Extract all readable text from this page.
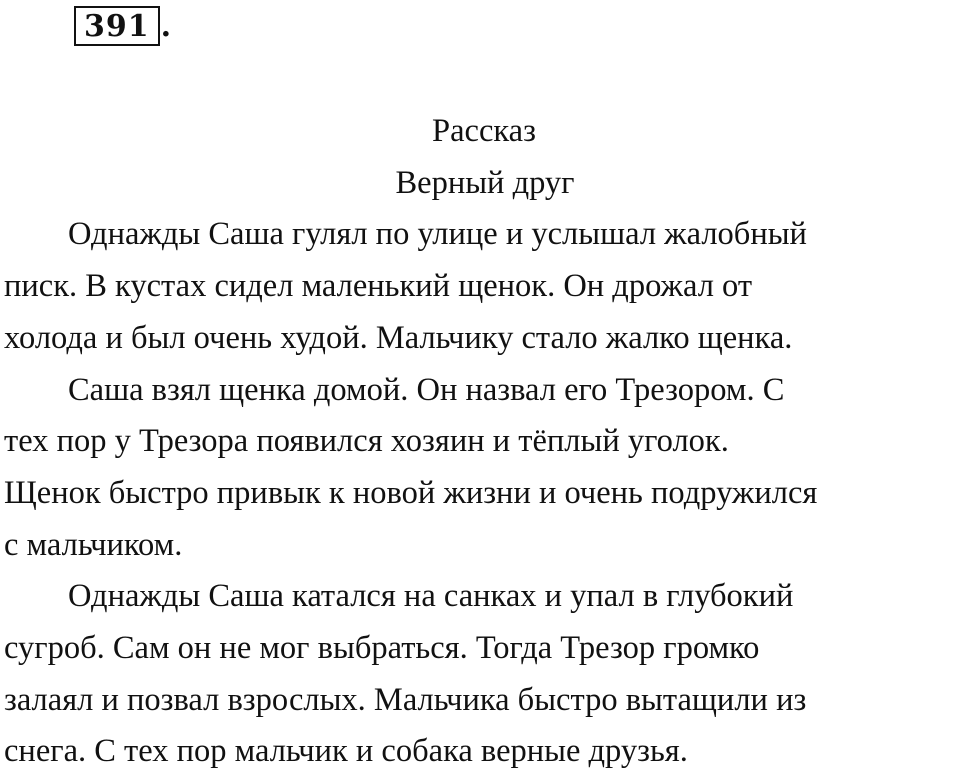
391 .
Рассказ
Верный друг
Однажды Саша гулял по улице и услышал жалобный
писк. В кустах сидел маленький щенок. Он дрожал от
холода и был очень худой. Мальчику стало жалко щенка.
Саша взял щенка домой. Он назвал его Трезором. С
тех пор у Трезора появился хозяин и тёплый уголок.
Щенок быстро привык к новой жизни и очень подружился
с мальчиком.
Однажды Саша катался на санках и упал в глубокий
сугроб. Сам он не мог выбраться. Тогда Трезор громко
залаял и позвал взрослых. Мальчика быстро вытащили из
снега. С тех пор мальчик и собака верные друзья.
